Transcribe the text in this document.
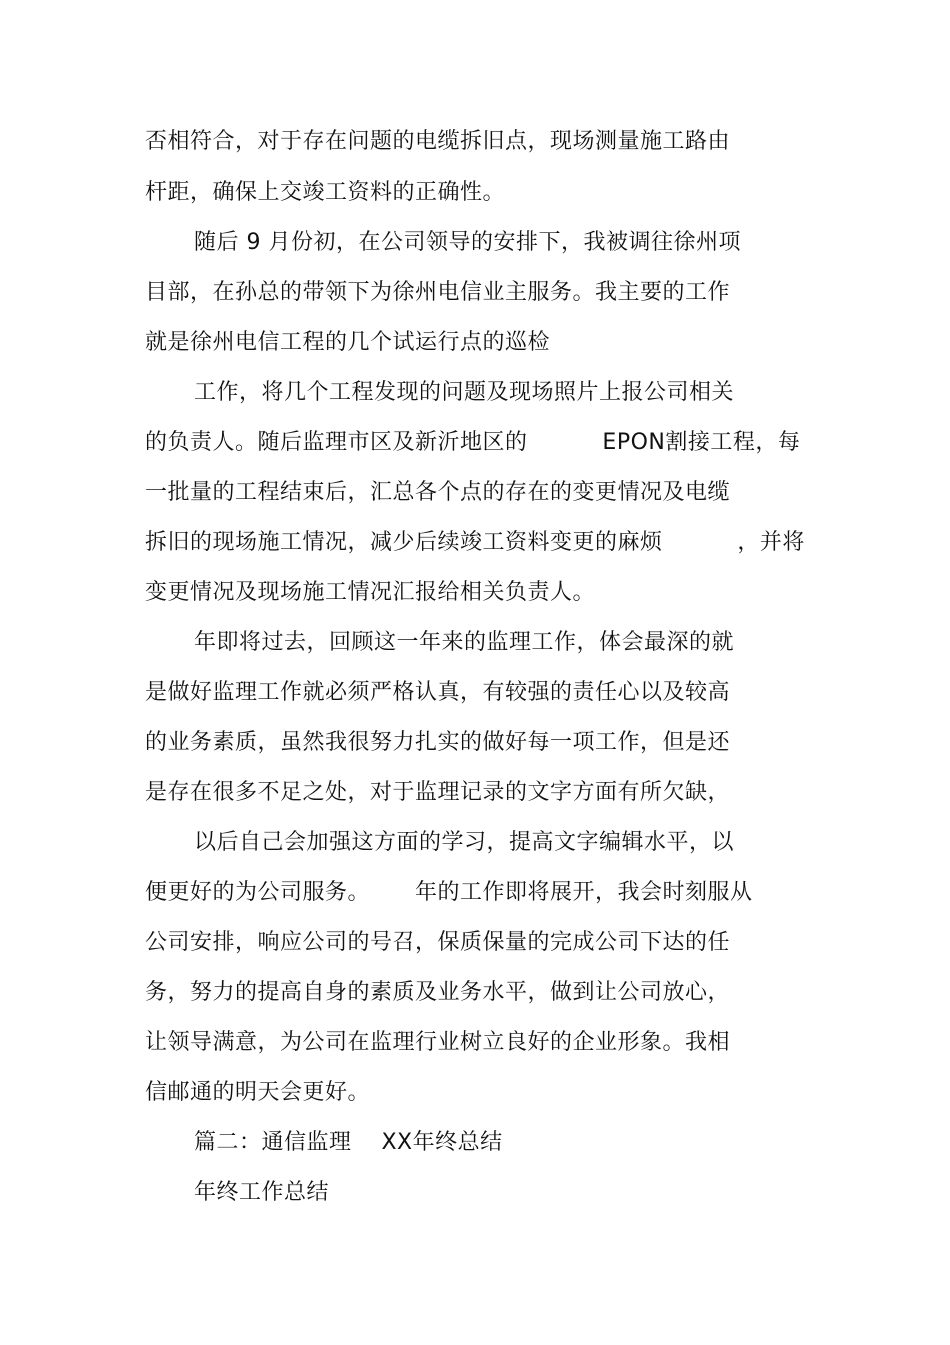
否相符合，对于存在问题的电缆拆旧点，现场测量施工路由
杆距，确保上交竣工资料的正确性。
随后 9 月份初，在公司领导的安排下，我被调往徐州项
目部，在孙总的带领下为徐州电信业主服务。我主要的工作
就是徐州电信工程的几个试运行点的巡检
工作，将几个工程发现的问题及现场照片上报公司相关
的负责人。随后监理市区及新沂地区的          EPON割接工程，每
一批量的工程结束后，汇总各个点的存在的变更情况及电缆
拆旧的现场施工情况，减少后续竣工资料变更的麻烦          ，并将
变更情况及现场施工情况汇报给相关负责人。
年即将过去，回顾这一年来的监理工作，体会最深的就
是做好监理工作就必须严格认真，有较强的责任心以及较高
的业务素质，虽然我很努力扎实的做好每一项工作，但是还
是存在很多不足之处，对于监理记录的文字方面有所欠缺，
以后自己会加强这方面的学习，提高文字编辑水平，以
便更好的为公司服务。      年的工作即将展开，我会时刻服从
公司安排，响应公司的号召，保质保量的完成公司下达的任
务，努力的提高自身的素质及业务水平，做到让公司放心，
让领导满意，为公司在监理行业树立良好的企业形象。我相
信邮通的明天会更好。
篇二：通信监理    XX年终总结
年终工作总结
